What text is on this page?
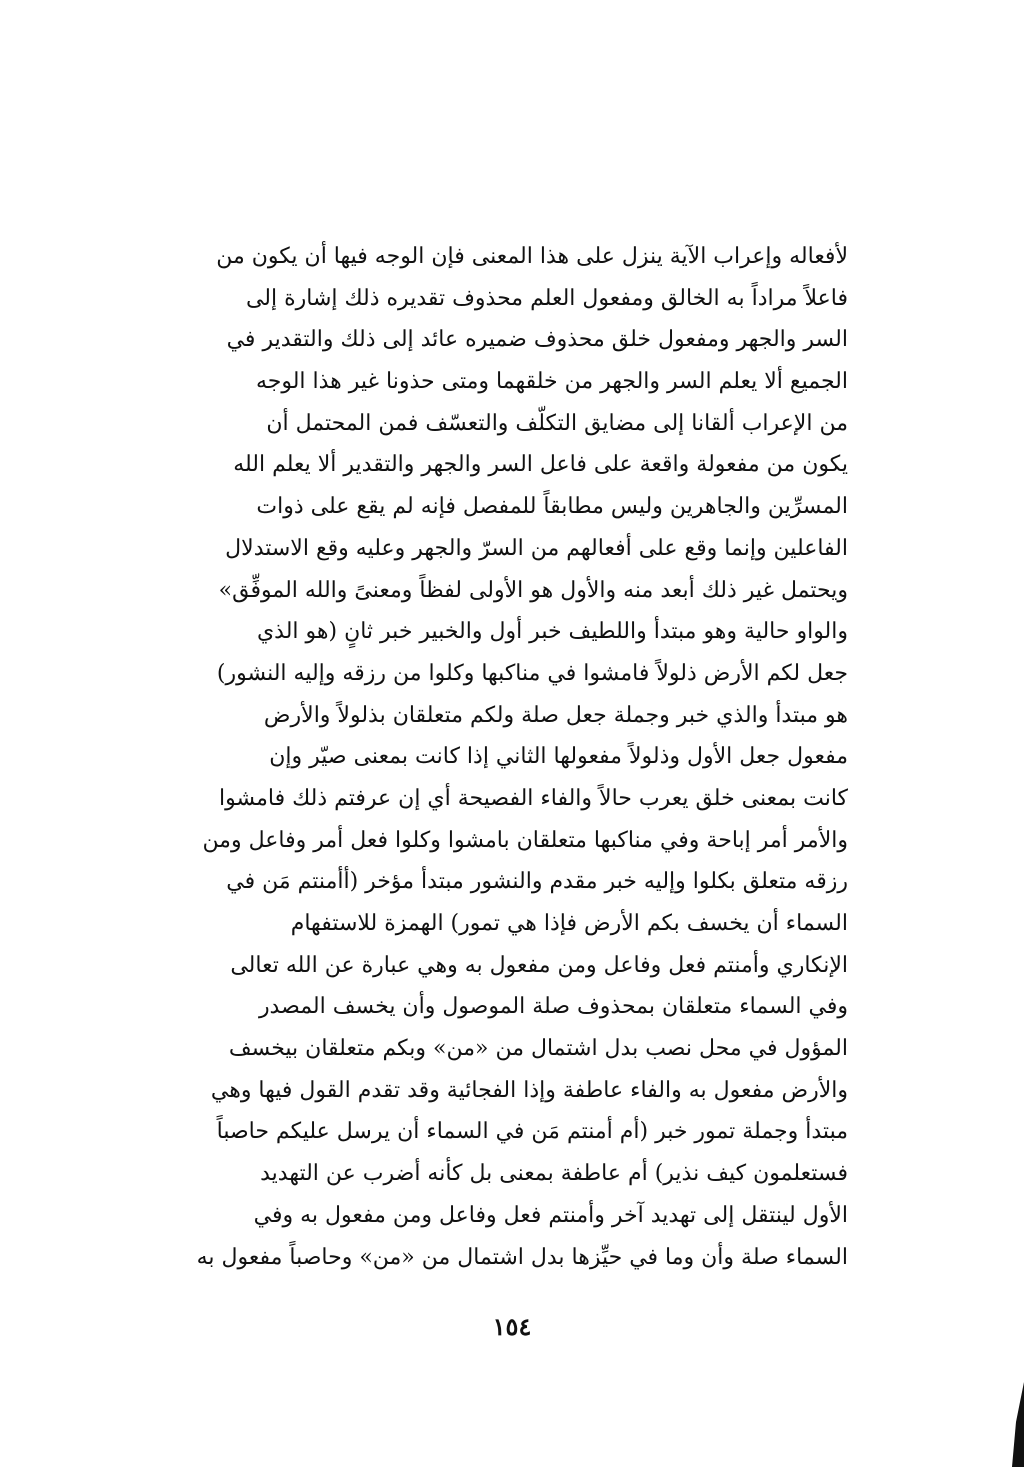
لأفعاله وإعراب الآية ينزل على هذا المعنى فإن الوجه فيها أن يكون من
فاعلاً مراداً به الخالق ومفعول العلم محذوف تقديره ذلك إشارة إلى
السر والجهر ومفعول خلق محذوف ضميره عائد إلى ذلك والتقدير في
الجميع ألا يعلم السر والجهر من خلقهما ومتى حذونا غير هذا الوجه
من الإعراب ألقانا إلى مضايق التكلّف والتعسّف فمن المحتمل أن
يكون من مفعولة واقعة على فاعل السر والجهر والتقدير ألا يعلم الله
المسرِّين والجاهرين وليس مطابقاً للمفصل فإنه لم يقع على ذوات
الفاعلين وإنما وقع على أفعالهم من السرّ والجهر وعليه وقع الاستدلال
ويحتمل غير ذلك أبعد منه والأول هو الأولى لفظاً ومعنىً والله الموفِّق»
والواو حالية وهو مبتدأ واللطيف خبر أول والخبير خبر ثانٍ (هو الذي
جعل لكم الأرض ذلولاً فامشوا في مناكبها وكلوا من رزقه وإليه النشور)
هو مبتدأ والذي خبر وجملة جعل صلة ولكم متعلقان بذلولاً والأرض
مفعول جعل الأول وذلولاً مفعولها الثاني إذا كانت بمعنى صيّر وإن
كانت بمعنى خلق يعرب حالاً والفاء الفصيحة أي إن عرفتم ذلك فامشوا
والأمر أمر إباحة وفي مناكبها متعلقان بامشوا وكلوا فعل أمر وفاعل ومن
رزقه متعلق بكلوا وإليه خبر مقدم والنشور مبتدأ مؤخر (أأمنتم مَن في
السماء أن يخسف بكم الأرض فإذا هي تمور) الهمزة للاستفهام
الإنكاري وأمنتم فعل وفاعل ومن مفعول به وهي عبارة عن الله تعالى
وفي السماء متعلقان بمحذوف صلة الموصول وأن يخسف المصدر
المؤول في محل نصب بدل اشتمال من «من» وبكم متعلقان بيخسف
والأرض مفعول به والفاء عاطفة وإذا الفجائية وقد تقدم القول فيها وهي
مبتدأ وجملة تمور خبر (أم أمنتم مَن في السماء أن يرسل عليكم حاصباً
فستعلمون كيف نذير) أم عاطفة بمعنى بل كأنه أضرب عن التهديد
الأول لينتقل إلى تهديد آخر وأمنتم فعل وفاعل ومن مفعول به وفي
السماء صلة وأن وما في حيِّزها بدل اشتمال من «من» وحاصباً مفعول به
١٥٤
